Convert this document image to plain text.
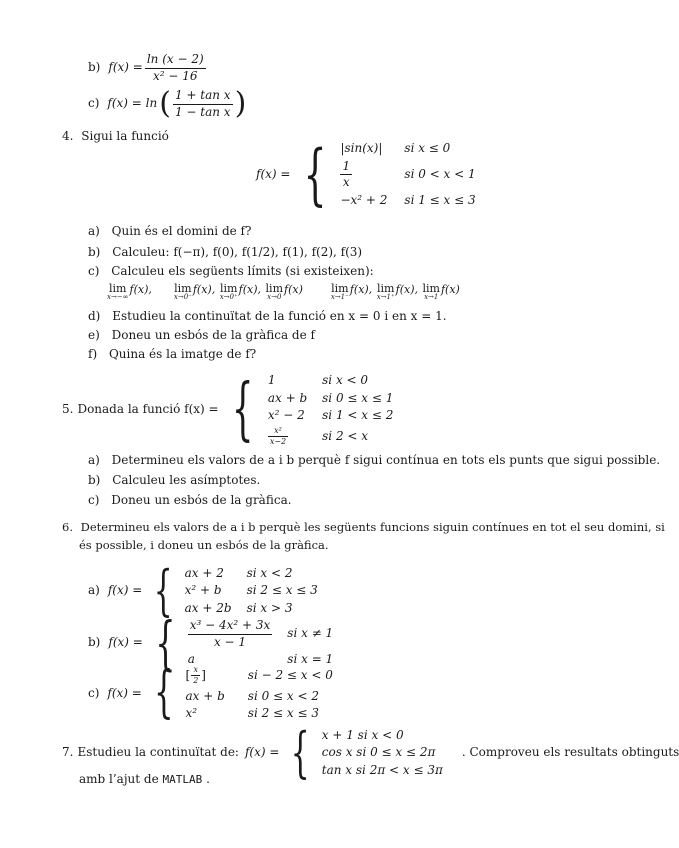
b) $f(x) = \frac{\ln (x - 2)}{\text{x² − 16}}$
c) f(x) = ln ( $\frac{\text{1 + tan x}}{\text{1 − tan x}}$ )
4. Sigui la funció
f(x) = { |sin(x)|	si x ≤ 0

$\frac{1}{x}$	si 0 < x < 1
−x² + 2	si 1 ≤ x ≤ 3
a) Quin és el domini de f?
b) Calculeu: f(−π), f(0), f(1/2), f(1), f(2), f(3)
c) Calculeu els següents límits (si existeixen):
lim
x→−∞
f(x), lim
x→0⁻
f(x), lim
x→0⁺
f(x), lim
x→0
f(x)	lim
x→1⁻
f(x), lim
x→1⁺
f(x), lim
x→1
f(x)
d) Estudieu la continuïtat de la funció en x = 0 i en x = 1.
e) Doneu un esbós de la gràfica de f
f) Quina és la imatge de f?
5. Donada la funció f(x) = { 1	si x < 0
ax + b	si 0 ≤ x ≤ 1
x² − 2	si 1 < x ≤ 2

$\frac{\text{x²}}{x-2}$	si 2 < x
a) Determineu els valors de a i b perquè f sigui contínua en tots els punts que sigui possible.
b) Calculeu les asímptotes.
c) Doneu un esbós de la gràfica.
6. Determineu els valors de a i b perquè les següents funcions siguin contínues en tot el seu domini, si
és possible, i doneu un esbós de la gràfica.
a) f(x) = { ax + 2	si x < 2
x² + b	si 2 ≤ x ≤ 3
ax + 2b	si x > 3
b) f(x) = { $\frac{\text{x³ − 4x² + 3x}}{x - 1}$	si x ≠ 1
a	si x = 1
c) f(x) = { [ $\frac{x}{2}$ ]	si − 2 ≤ x < 0
ax + b	si 0 ≤ x < 2
x²	si 2 ≤ x ≤ 3
7. Estudieu la continuïtat de: f(x) = { x + 1 si x < 0
cos x si 0 ≤ x ≤ 2π
tan x si 2π < x ≤ 3π
. Comproveu els resultats obtinguts
amb l’ajut de MATLAB .
